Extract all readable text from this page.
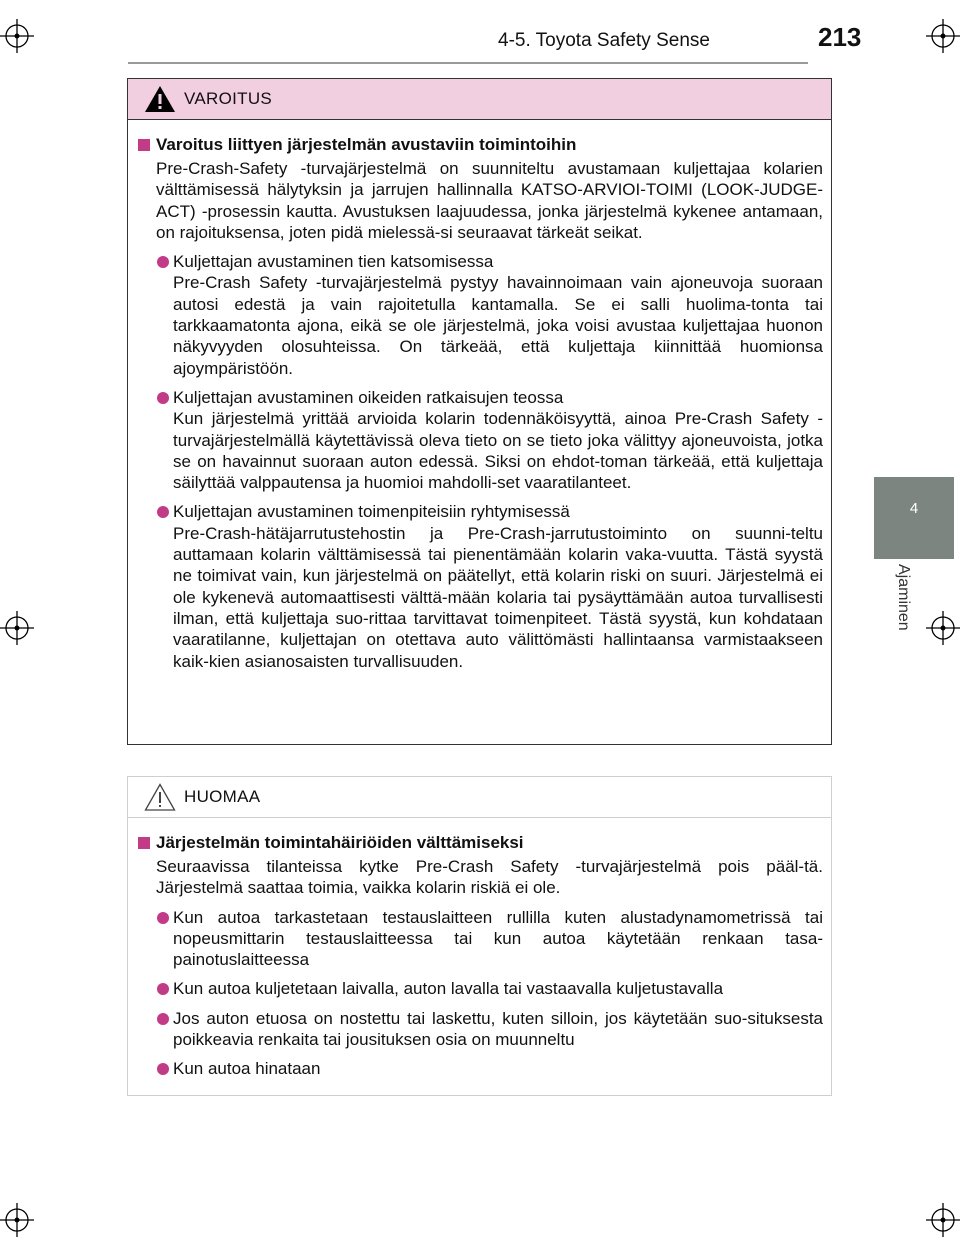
4-5. Toyota Safety Sense	213
4
Ajaminen
VAROITUS
Varoitus liittyen järjestelmän avustaviin toimintoihin
Pre-Crash-Safety -turvajärjestelmä on suunniteltu avustamaan kuljettajaa kolarien välttämisessä hälytyksin ja jarrujen hallinnalla KATSO-ARVIOI-TOIMI (LOOK-JUDGE-ACT) -prosessin kautta. Avustuksen laajuudessa, jonka järjestelmä kykenee antamaan, on rajoituksensa, joten pidä mielessä-si seuraavat tärkeät seikat.
Kuljettajan avustaminen tien katsomisessa
Pre-Crash Safety -turvajärjestelmä pystyy havainnoimaan vain ajoneuvoja suoraan autosi edestä ja vain rajoitetulla kantamalla. Se ei salli huolima-tonta tai tarkkaamatonta ajona, eikä se ole järjestelmä, joka voisi avustaa kuljettajaa huonon näkyvyyden olosuhteissa. On tärkeää, että kuljettaja kiinnittää huomionsa ajoympäristöön.
Kuljettajan avustaminen oikeiden ratkaisujen teossa
Kun järjestelmä yrittää arvioida kolarin todennäköisyyttä, ainoa Pre-Crash Safety -turvajärjestelmällä käytettävissä oleva tieto on se tieto joka välittyy ajoneuvoista, jotka se on havainnut suoraan auton edessä. Siksi on ehdot-toman tärkeää, että kuljettaja säilyttää valppautensa ja huomioi mahdolli-set vaaratilanteet.
Kuljettajan avustaminen toimenpiteisiin ryhtymisessä
Pre-Crash-hätäjarrutustehostin ja Pre-Crash-jarrutustoiminto on suunni-teltu auttamaan kolarin välttämisessä tai pienentämään kolarin vaka-vuutta. Tästä syystä ne toimivat vain, kun järjestelmä on päätellyt, että kolarin riski on suuri. Järjestelmä ei ole kykenevä automaattisesti välttä-mään kolaria tai pysäyttämään autoa turvallisesti ilman, että kuljettaja suo-rittaa tarvittavat toimenpiteet. Tästä syystä, kun kohdataan vaaratilanne, kuljettajan on otettava auto välittömästi hallintaansa varmistaakseen kaik-kien asianosaisten turvallisuuden.
HUOMAA
Järjestelmän toimintahäiriöiden välttämiseksi
Seuraavissa tilanteissa kytke Pre-Crash Safety -turvajärjestelmä pois pääl-tä. Järjestelmä saattaa toimia, vaikka kolarin riskiä ei ole.
Kun autoa tarkastetaan testauslaitteen rullilla kuten alustadynamometrissä tai nopeusmittarin testauslaitteessa tai kun autoa käytetään renkaan tasa-painotuslaitteessa
Kun autoa kuljetetaan laivalla, auton lavalla tai vastaavalla kuljetustavalla
Jos auton etuosa on nostettu tai laskettu, kuten silloin, jos käytetään suo-situksesta poikkeavia renkaita tai jousituksen osia on muunneltu
Kun autoa hinataan
